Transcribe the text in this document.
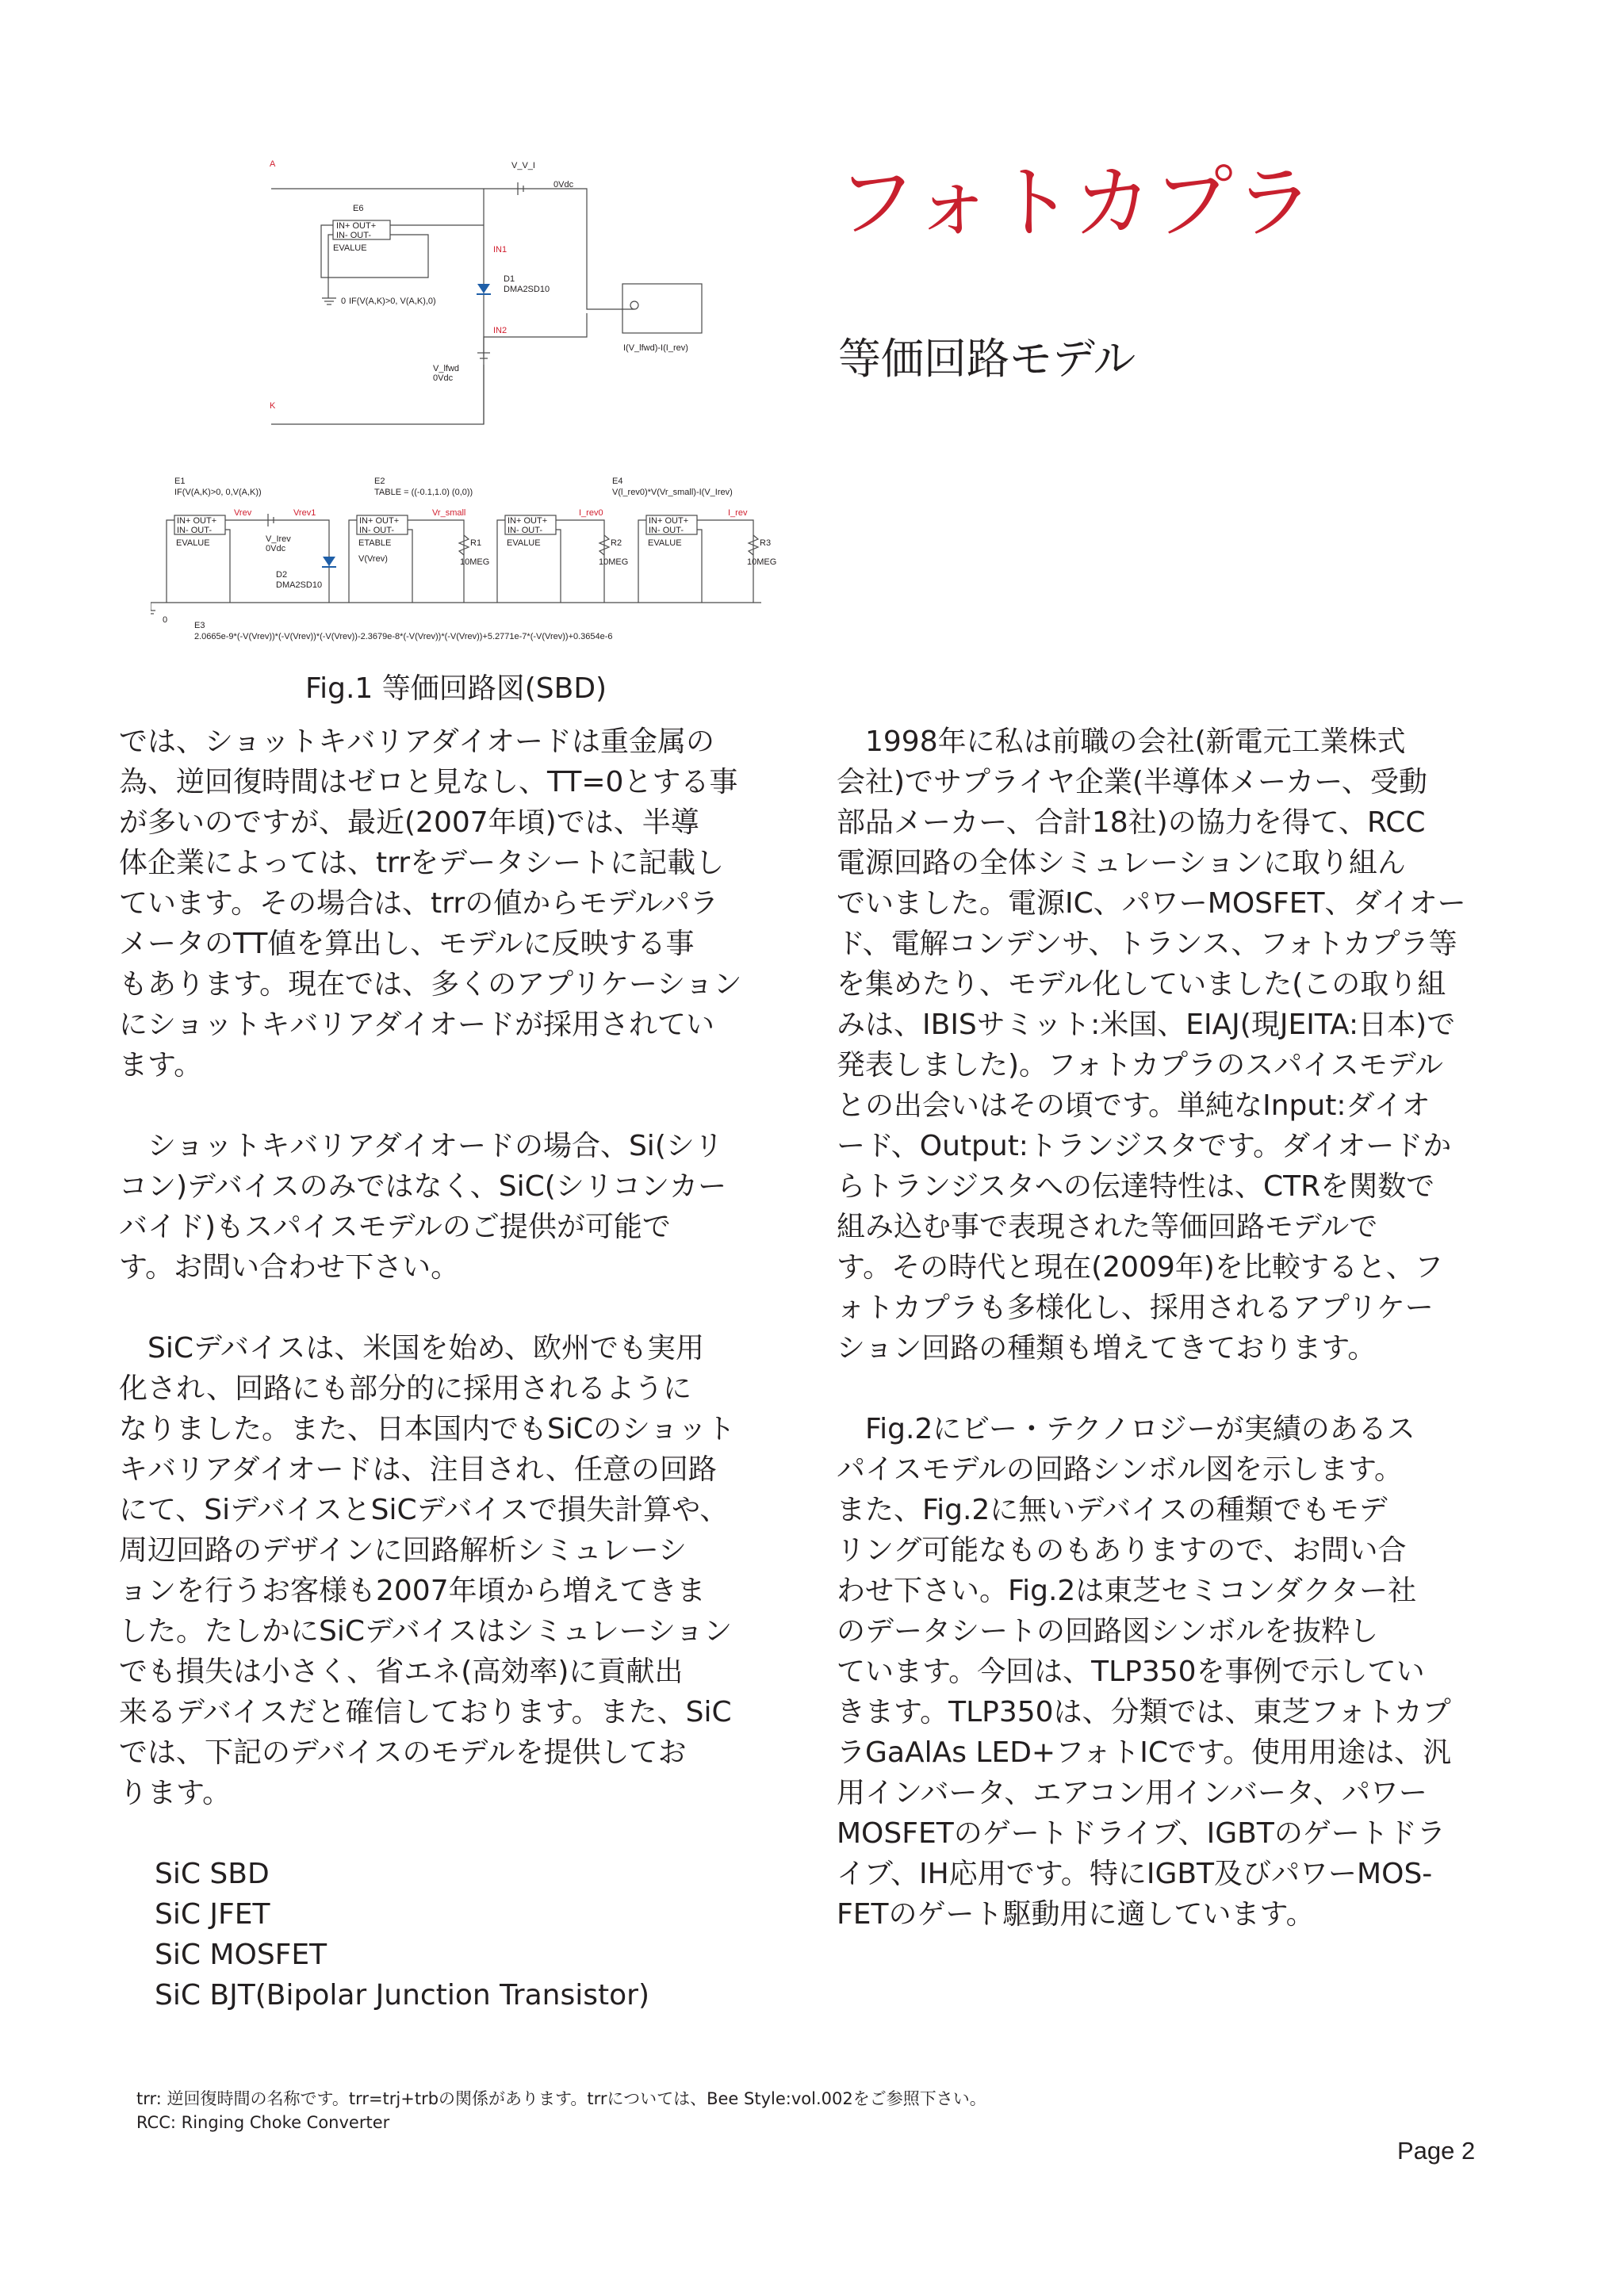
A
K
V_V_I
0Vdc
E6
IN+ OUT+
IN- OUT-
EVALUE	IN1
D1
DMA2SD10
IF(V(A,K)>0, V(A,K),0)
0
IN2
I(V_lfwd)-I(I_rev)
V_lfwd
0Vdc
E1
IF(V(A,K)>0, 0,V(A,K))
E2
TABLE = ((-0.1,1.0) (0,0))
E4
V(l_rev0)*V(Vr_small)-I(V_Irev)
IN+ OUT+
IN- OUT-
EVALUE
Vrev	Vrev1
V_Irev
0Vdc
D2
DMA2SD10
IN+ OUT+
IN- OUT-
ETABLE
V(Vrev)
Vr_small
R1
10MEG
IN+ OUT+
IN- OUT-
EVALUE
I_rev0
R2
10MEG
IN+ OUT+
IN- OUT-
EVALUE
I_rev
R3
10MEG
0
E3
2.0665e-9*(-V(Vrev))*(-V(Vrev))*(-V(Vrev))-2.3679e-8*(-V(Vrev))*(-V(Vrev))+5.2771e-7*(-V(Vrev))+0.3654e-6
フォトカプラ
等価回路モデル
Fig.1 等価回路図(SBD)

では、ショットキバリアダイオードは重金属の
為、逆回復時間はゼロと見なし、TT=0とする事
が多いのですが、最近(2007年頃)では、半導
体企業によっては、trrをデータシートに記載し
ています。その場合は、trrの値からモデルパラ
メータのTT値を算出し、モデルに反映する事
もあります。現在では、多くのアプリケーション
にショットキバリアダイオードが採用されてい
ます。

　ショットキバリアダイオードの場合、Si(シリ
コン)デバイスのみではなく、SiC(シリコンカー
バイド)もスパイスモデルのご提供が可能で
す。お問い合わせ下さい。

　SiCデバイスは、米国を始め、欧州でも実用
化され、回路にも部分的に採用されるように
なりました。また、日本国内でもSiCのショット
キバリアダイオードは、注目され、任意の回路
にて、SiデバイスとSiCデバイスで損失計算や、
周辺回路のデザインに回路解析シミュレーシ
ョンを行うお客様も2007年頃から増えてきま
した。たしかにSiCデバイスはシミュレーション
でも損失は小さく、省エネ(高効率)に貢献出
来るデバイスだと確信しております。また、SiC
では、下記のデバイスのモデルを提供してお
ります。

SiC SBD
SiC JFET
SiC MOSFET
SiC BJT(Bipolar Junction Transistor)

　1998年に私は前職の会社(新電元工業株式
会社)でサプライヤ企業(半導体メーカー、受動
部品メーカー、合計18社)の協力を得て、RCC
電源回路の全体シミュレーションに取り組ん
でいました。電源IC、パワーMOSFET、ダイオー
ド、電解コンデンサ、トランス、フォトカプラ等
を集めたり、モデル化していました(この取り組
みは、IBISサミット:米国、EIAJ(現JEITA:日本)で
発表しました)。フォトカプラのスパイスモデル
との出会いはその頃です。単純なInput:ダイオ
ード、Output:トランジスタです。ダイオードか
らトランジスタへの伝達特性は、CTRを関数で
組み込む事で表現された等価回路モデルで
す。その時代と現在(2009年)を比較すると、フ
ォトカプラも多様化し、採用されるアプリケー
ション回路の種類も増えてきております。

　Fig.2にビー・テクノロジーが実績のあるス
パイスモデルの回路シンボル図を示します。
また、Fig.2に無いデバイスの種類でもモデ
リング可能なものもありますので、お問い合
わせ下さい。Fig.2は東芝セミコンダクター社
のデータシートの回路図シンボルを抜粋し
ています。今回は、TLP350を事例で示してい
きます。TLP350は、分類では、東芝フォトカプ
ラGaAlAs LED+フォトICです。使用用途は、汎
用インバータ、エアコン用インバータ、パワー
MOSFETのゲートドライブ、IGBTのゲートドラ
イブ、IH応用です。特にIGBT及びパワーMOS-
FETのゲート駆動用に適しています。

trr: 逆回復時間の名称です。trr=trj+trbの関係があります。trrについては、Bee Style:vol.002をご参照下さい。
RCC: Ringing Choke Converter
Page 2
